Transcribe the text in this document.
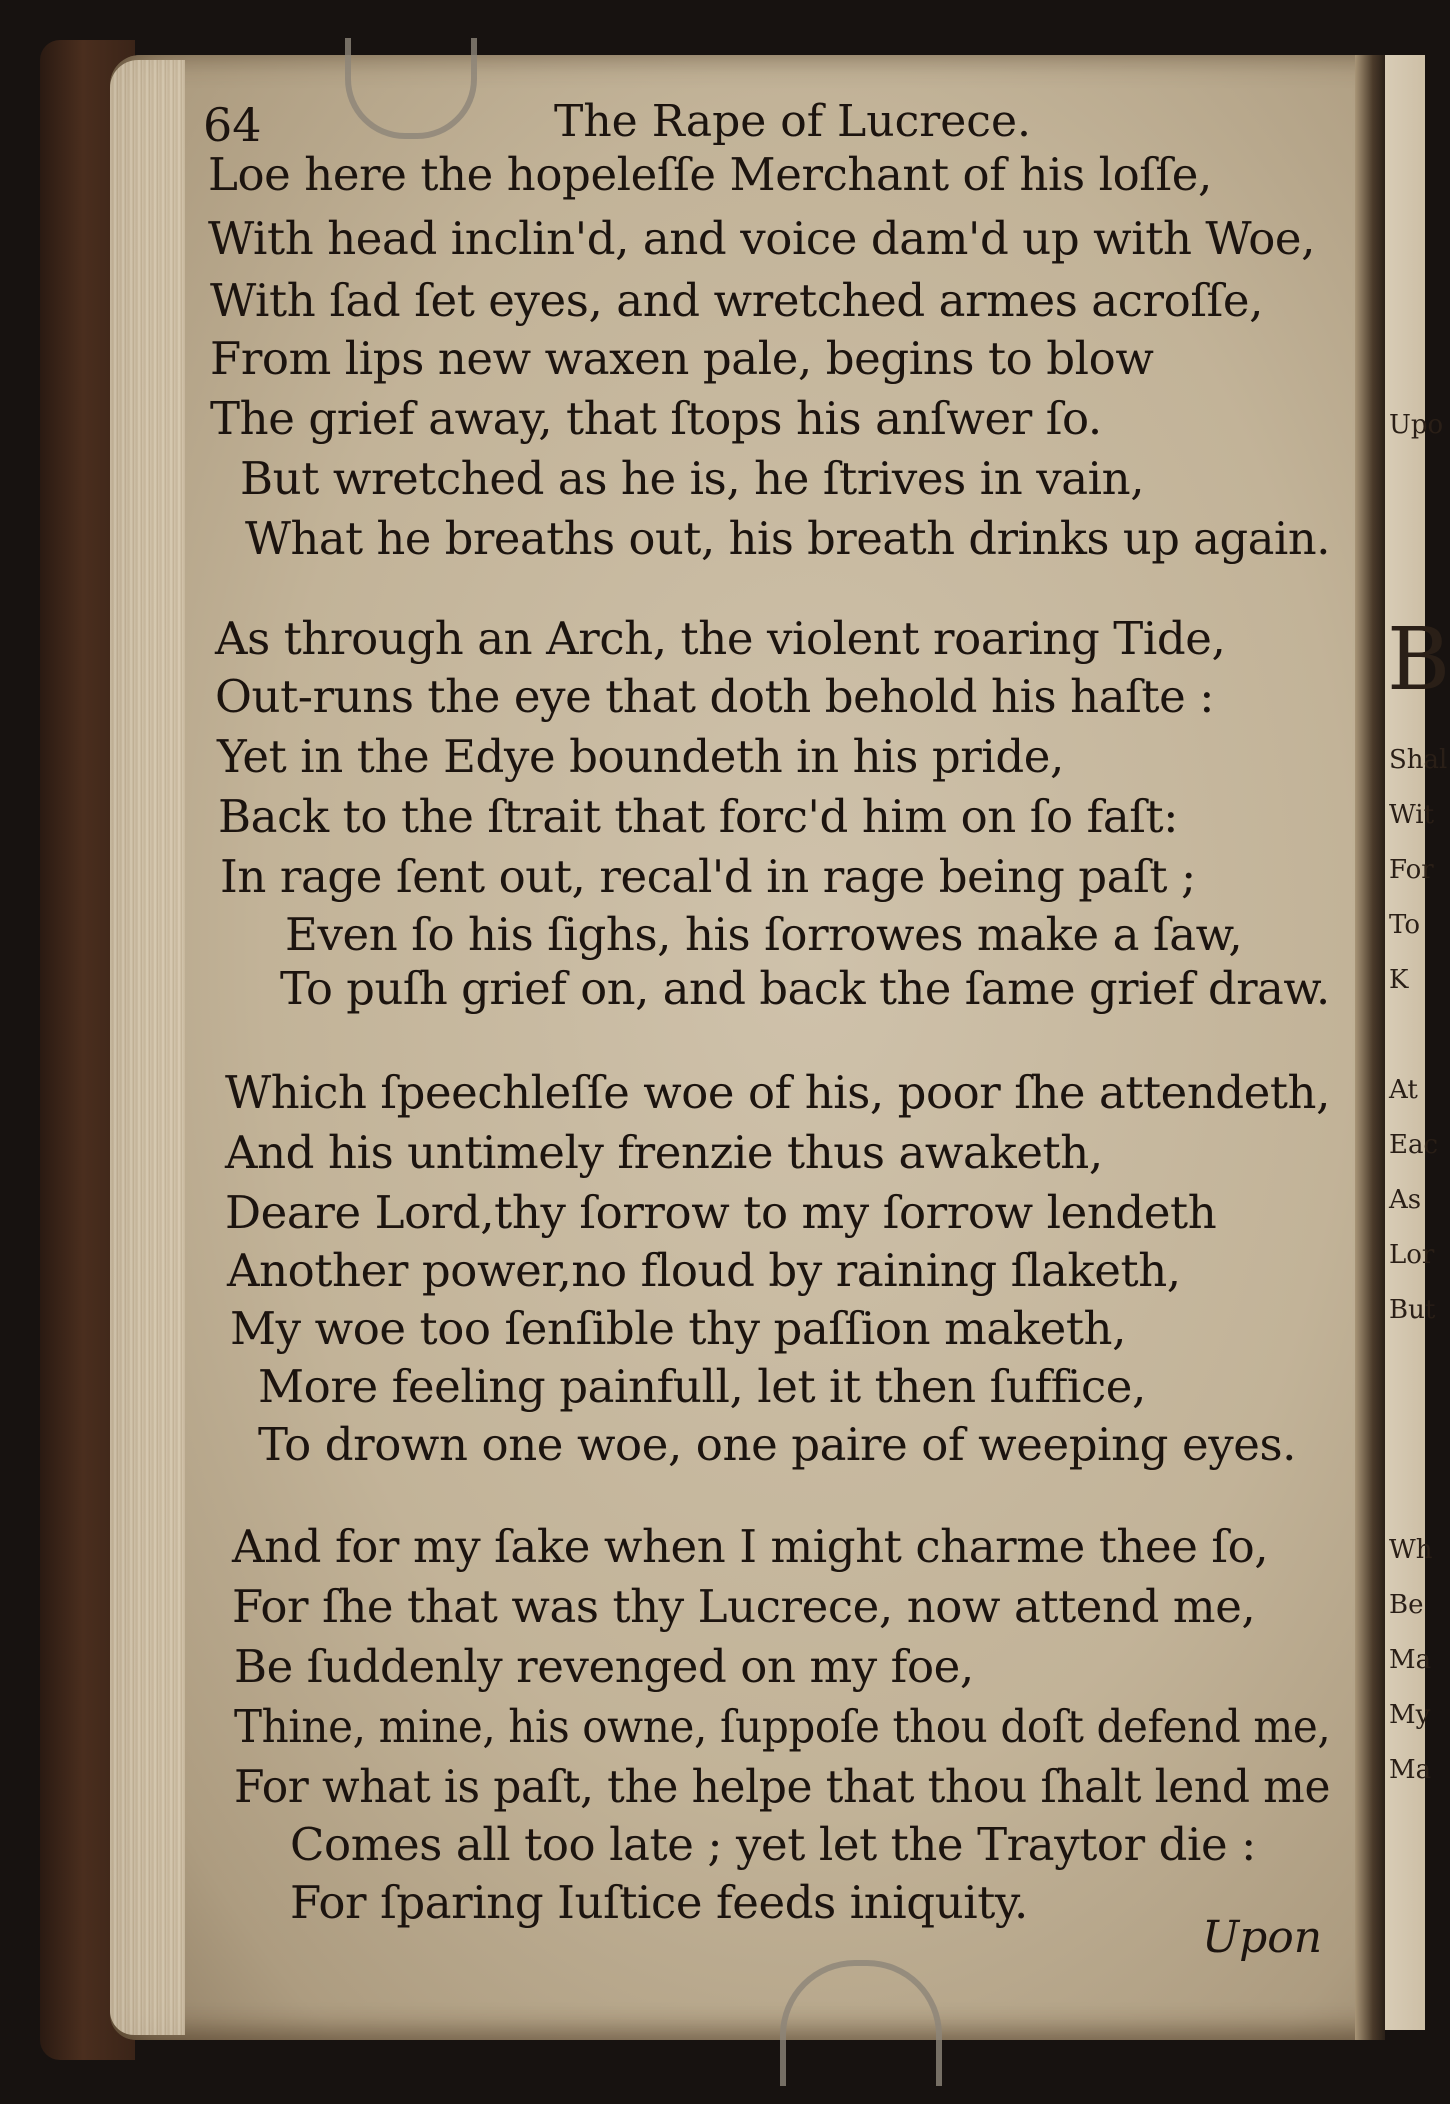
Upo
B
Shal
Wit
For
To
K
At
Eac
As
Lor
But
Wh
Be
Ma
My
Ma
64	The Rape of Lucrece.
Loe here the hopeleſſe Merchant of his loſſe,
With head inclin'd, and voice dam'd up with Woe,
With ſad ſet eyes, and wretched armes acroſſe,
From lips new waxen pale, begins to blow
The grief away, that ſtops his anſwer ſo.
But wretched as he is, he ſtrives in vain,
What he breaths out, his breath drinks up again.
As through an Arch, the violent roaring Tide,
Out-runs the eye that doth behold his haſte :
Yet in the Edye boundeth in his pride,
Back to the ſtrait that forc'd him on ſo faſt:
In rage ſent out, recal'd in rage being paſt ;
Even ſo his ſighs, his ſorrowes make a ſaw,
To puſh grief on, and back the ſame grief draw.
Which ſpeechleſſe woe of his, poor ſhe attendeth,
And his untimely frenzie thus awaketh,
Deare Lord,thy ſorrow to my ſorrow lendeth
Another power,no floud by raining ſlaketh,
My woe too ſenſible thy paſſion maketh,
More feeling painfull, let it then ſuffice,
To drown one woe, one paire of weeping eyes.
And for my ſake when I might charme thee ſo,
For ſhe that was thy Lucrece, now attend me,
Be ſuddenly revenged on my foe,
Thine, mine, his owne, ſuppoſe thou doſt defend me,
For what is paſt, the helpe that thou ſhalt lend me
Comes all too late ; yet let the Traytor die :
For ſparing Iuſtice feeds iniquity.
Upon
